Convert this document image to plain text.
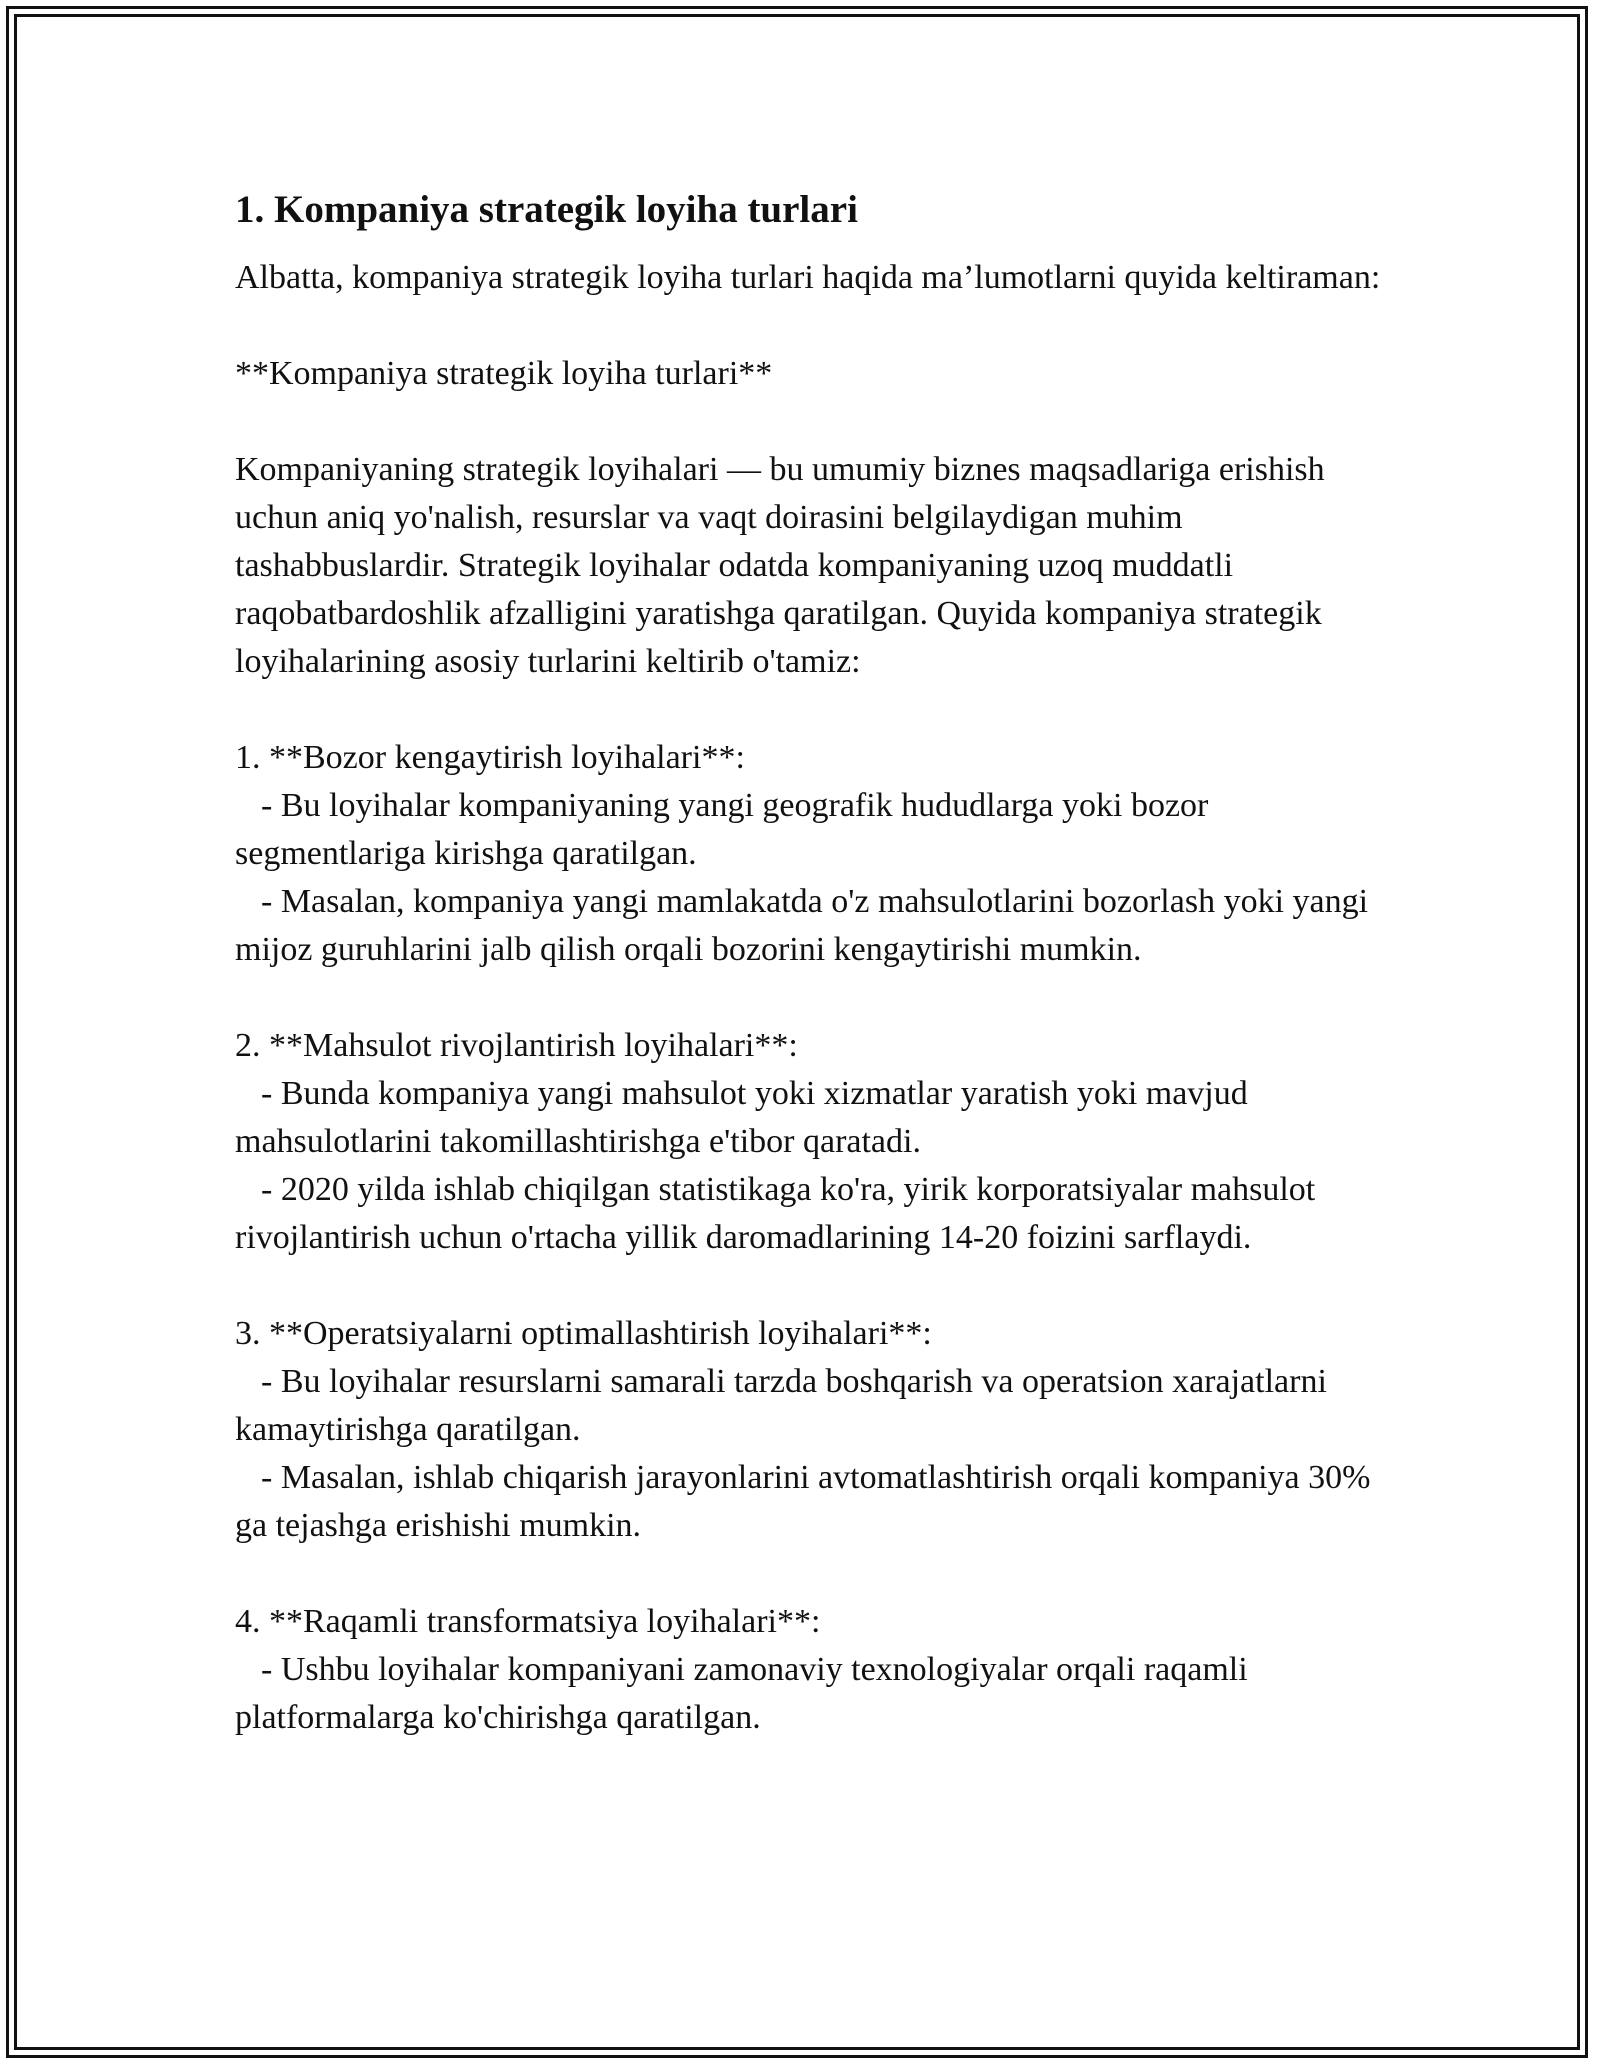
1. Kompaniya strategik loyiha turlari

Albatta, kompaniya strategik loyiha turlari haqida ma’lumotlarni quyida keltiraman:

**Kompaniya strategik loyiha turlari**

Kompaniyaning strategik loyihalari — bu umumiy biznes maqsadlariga erishish uchun aniq yo'nalish, resurslar va vaqt doirasini belgilaydigan muhim tashabbuslardir. Strategik loyihalar odatda kompaniyaning uzoq muddatli raqobatbardoshlik afzalligini yaratishga qaratilgan. Quyida kompaniya strategik loyihalarining asosiy turlarini keltirib o'tamiz:

1. **Bozor kengaytirish loyihalari**:

- Bu loyihalar kompaniyaning yangi geografik hududlarga yoki bozor segmentlariga kirishga qaratilgan.

- Masalan, kompaniya yangi mamlakatda o'z mahsulotlarini bozorlash yoki yangi mijoz guruhlarini jalb qilish orqali bozorini kengaytirishi mumkin.

2. **Mahsulot rivojlantirish loyihalari**:

- Bunda kompaniya yangi mahsulot yoki xizmatlar yaratish yoki mavjud mahsulotlarini takomillashtirishga e'tibor qaratadi.

- 2020 yilda ishlab chiqilgan statistikaga ko'ra, yirik korporatsiyalar mahsulot rivojlantirish uchun o'rtacha yillik daromadlarining 14-20 foizini sarflaydi.

3. **Operatsiyalarni optimallashtirish loyihalari**:

- Bu loyihalar resurslarni samarali tarzda boshqarish va operatsion xarajatlarni kamaytirishga qaratilgan.

- Masalan, ishlab chiqarish jarayonlarini avtomatlashtirish orqali kompaniya 30% ga tejashga erishishi mumkin.

4. **Raqamli transformatsiya loyihalari**:

- Ushbu loyihalar kompaniyani zamonaviy texnologiyalar orqali raqamli platformalarga ko'chirishga qaratilgan.
